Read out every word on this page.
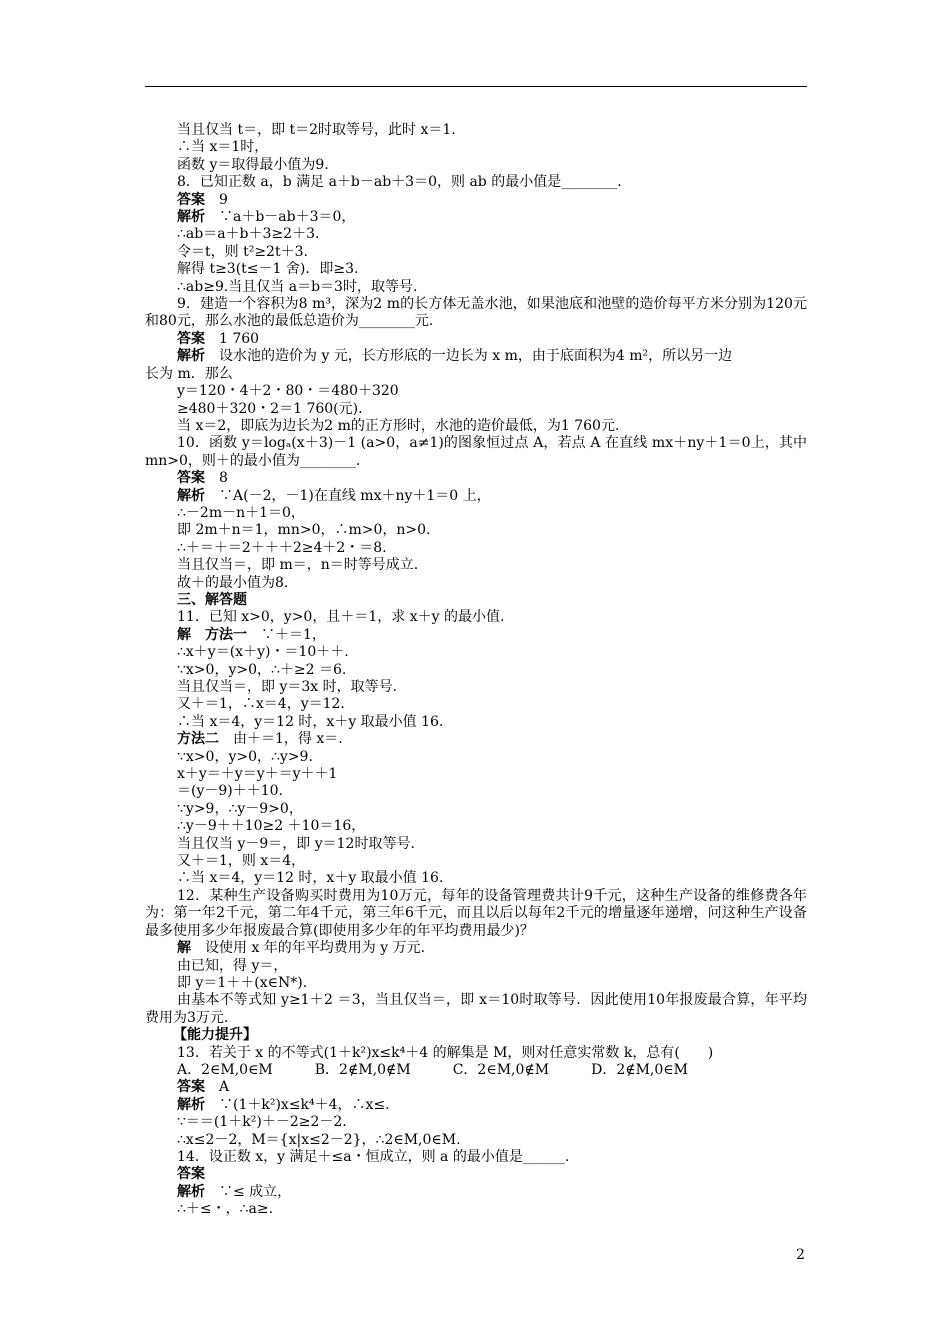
当且仅当 t＝，即 t＝2时取等号，此时 x＝1.
∴当 x＝1时，
函数 y＝取得最小值为9.
8．已知正数 a，b 满足 a＋b－ab＋3＝0，则 ab 的最小值是________.
答案　 9
解析　 ∵a＋b－ab＋3＝0，
∴ab＝a＋b＋3≥2＋3.
令＝t，则 t²≥2t＋3.
解得 t≥3(t≤－1 舍)．即≥3.
∴ab≥9.当且仅当 a＝b＝3时，取等号.
9．建造一个容积为8 m³，深为2 m的长方体无盖水池，如果池底和池壁的造价每平方米分别为120元和80元，那么水池的最低总造价为________元.
答案　 1 760
解析　 设水池的造价为 y 元，长方形底的一边长为 x m，由于底面积为4 m²，所以另一边
长为 m．那么
y＝120・4＋2・80・＝480＋320
≥480＋320・2＝1 760(元).
当 x＝2，即底为边长为2 m的正方形时，水池的造价最低，为1 760元.
10．函数 y＝logₐ(x＋3)－1 (a>0，a≠1)的图象恒过点 A，若点 A 在直线 mx＋ny＋1＝0上，其中 mn>0，则＋的最小值为________.
答案　 8
解析　 ∵A(－2，－1)在直线 mx＋ny＋1＝0 上，
∴－2m－n＋1＝0，
即 2m＋n＝1，mn>0，∴m>0，n>0.
∴＋＝＋＝2＋＋＋2≥4＋2・＝8.
当且仅当＝，即 m＝，n＝时等号成立.
故＋的最小值为8.
三、解答题
11．已知 x>0，y>0，且＋＝1，求 x＋y 的最小值.
解　方法一　 ∵＋＝1，
∴x＋y＝(x＋y)・＝10＋＋.
∵x>0，y>0，∴＋≥2 ＝6.
当且仅当＝，即 y＝3x 时，取等号.
又＋＝1，∴x＝4，y＝12.
∴当 x＝4，y＝12 时，x＋y 取最小值 16.
方法二　 由＋＝1，得 x＝.
∵x>0，y>0，∴y>9.
x＋y＝＋y＝y＋＝y＋＋1
＝(y－9)＋＋10.
∵y>9，∴y－9>0，
∴y－9＋＋10≥2 ＋10＝16，
当且仅当 y－9＝，即 y＝12时取等号.
又＋＝1，则 x＝4，
∴当 x＝4，y＝12 时，x＋y 取最小值 16.
12．某种生产设备购买时费用为10万元，每年的设备管理费共计9千元，这种生产设备的维修费各年为：第一年2千元，第二年4千元，第三年6千元，而且以后以每年2千元的增量逐年递增，问这种生产设备最多使用多少年报废最合算(即使用多少年的年平均费用最少)？
解　 设使用 x 年的年平均费用为 y 万元.
由已知，得 y＝，
即 y＝1＋＋(x∈N*).
由基本不等式知 y≥1＋2 ＝3，当且仅当＝，即 x＝10时取等号．因此使用10年报废最合算，年平均费用为3万元.
【能力提升】
13．若关于 x 的不等式(1＋k²)x≤k⁴＋4 的解集是 M，则对任意实常数 k，总有(　　)
A．2∈M,0∈M　　　B．2∉M,0∉M　　　C．2∈M,0∉M　　　D．2∉M,0∈M
答案　 A
解析　 ∵(1＋k²)x≤k⁴＋4，∴x≤.
∵＝＝(1＋k²)＋－2≥2－2.
∴x≤2－2，M＝{x|x≤2－2}，∴2∈M,0∈M.
14．设正数 x，y 满足＋≤a・恒成立，则 a 的最小值是______.
答案　
解析　 ∵≤ 成立，
∴＋≤・，∴a≥.
2
